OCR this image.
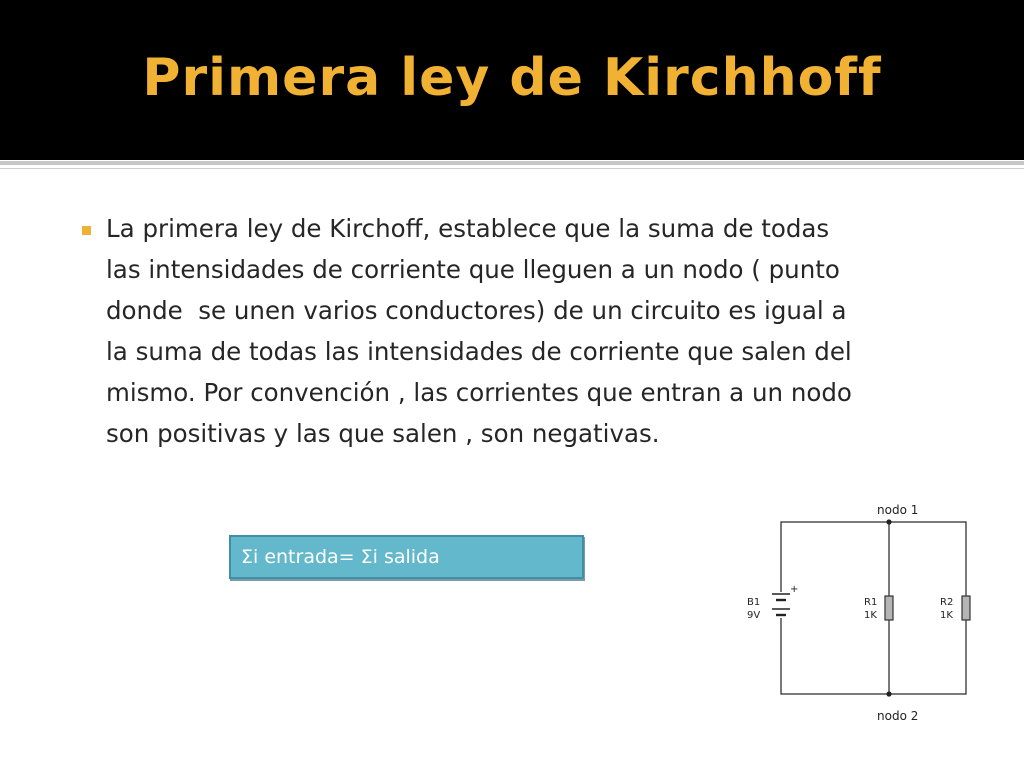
Primera ley de Kirchhoff
La primera ley de Kirchoff, establece que la suma de todas
las intensidades de corriente que lleguen a un nodo ( punto
donde  se unen varios conductores) de un circuito es igual a
la suma de todas las intensidades de corriente que salen del
mismo. Por convención , las corrientes que entran a un nodo
son positivas y las que salen , son negativas.
Σi entrada= Σi salida
+
B1
9V
R1
1K
R2
1K
nodo 1
nodo 2
